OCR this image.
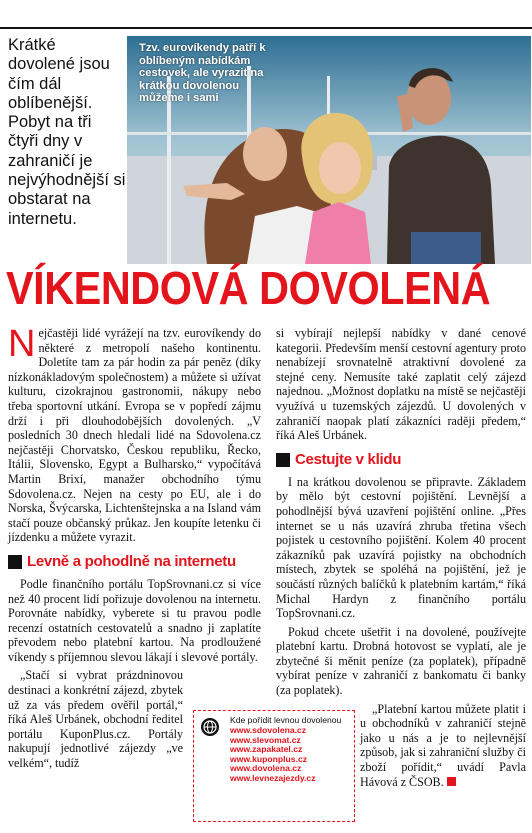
Krátké dovolené jsou čím dál oblíbenější. Pobyt na tři čtyři dny v zahraničí je nejvýhodnější si obstarat na internetu.
Tzv. eurovíkendy patří k oblíbeným nabídkám cestovek, ale vyrazit na krátkou dovolenou můžeme i sami
VÍKENDOVÁ DOVOLENÁ
N ejčastěji lidé vyrážejí na tzv. eurovíkendy do některé z metropolí našeho kontinentu. Doletíte tam za pár hodin za pár peněz (díky nízkonákladovým společnostem) a můžete si užívat kulturu, cizokrajnou gastronomii, nákupy nebo třeba sportovní utkání. Evropa se v popředí zájmu drží i při dlouhodobějších dovolených. „V posledních 30 dnech hledali lidé na Sdovolena.cz nejčastěji Chorvatsko, Českou republiku, Řecko, Itálii, Slovensko, Egypt a Bulharsko,“ vypočítává Martin Brixí, manažer obchodního týmu Sdovolena.cz. Nejen na cesty po EU, ale i do Norska, Švýcarska, Lichtenštejnska a na Island vám stačí pouze občanský průkaz. Jen koupíte letenku či jízdenku a můžete vyrazit.

Levně a pohodlně na internetu

Podle finančního portálu TopSrovnani.cz si více než 40 procent lidí pořizuje dovolenou na internetu. Porovnáte nabídky, vyberete si tu pravou podle recenzí ostatních cestovatelů a snadno ji zaplatíte převodem nebo platební kartou. Na prodloužené víkendy s příjemnou slevou lákají i slevové portály.

„Stačí si vybrat prázdninovou destinaci a konkrétní zájezd, zbytek už za vás předem ověřil portál,“ říká Aleš Urbánek, obchodní ředitel portálu KuponPlus.cz. Portály nakupují jednotlivé zájezdy „ve velkém“, tudíž

si vybírají nejlepší nabídky v dané cenové kategorii. Především menší cestovní agentury proto nenabízejí srovnatelně atraktivní dovolené za stejné ceny. Nemusíte také zaplatit celý zájezd najednou. „Možnost doplatku na místě se nejčastěji využívá u tuzemských zájezdů. U dovolených v zahraničí naopak platí zákazníci raději předem,“ říká Aleš Urbánek.

Cestujte v klidu

I na krátkou dovolenou se připravte. Základem by mělo být cestovní pojištění. Levnější a pohodlnější bývá uzavření pojištění online. „Přes internet se u nás uzavírá zhruba třetina všech pojistek u cestovního pojištění. Kolem 40 procent zákazníků pak uzavírá pojistky na obchodních místech, zbytek se spoléhá na pojištění, jež je součástí různých balíčků k platebním kartám,“ říká Michal Hardyn z finančního portálu TopSrovnani.cz.

Pokud chcete ušetřit i na dovolené, používejte platební kartu. Drobná hotovost se vyplatí, ale je zbytečné ši měnit peníze (za poplatek), případně vybírat peníze v zahraničí z bankomatu či banky (za poplatek).

„Platební kartou můžete platit i u obchodníků v zahraničí stejně jako u nás a je to nejlevnější způsob, jak si zahraniční služby či zboží pořídit,“ uvádí Pavla Hávová z ČSOB.

Kde pořídit levnou dovolenou
www.sdovolena.cz
www.slevomat.cz
www.zapakatel.cz
www.kuponplus.cz
www.dovolena.cz
www.levnezajezdy.cz
